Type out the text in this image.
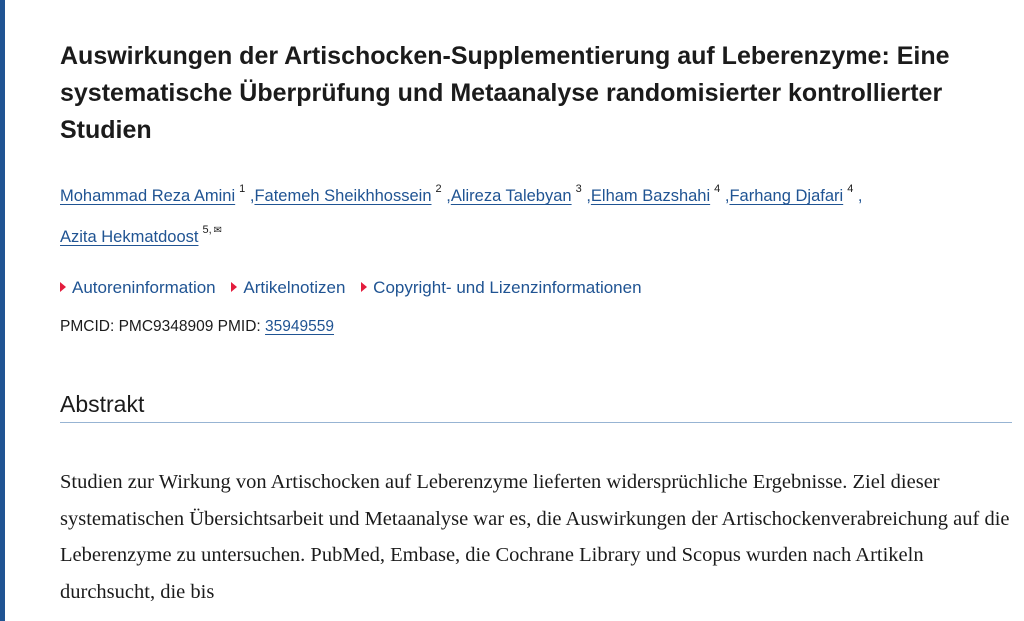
Auswirkungen der Artischocken-Supplementierung auf Leberenzyme: Eine systematische Überprüfung und Metaanalyse randomisierter kontrollierter Studien
Mohammad Reza Amini $^1$ ,Fatemeh Sheikhhossein $^2$ ,Alireza Talebyan $^3$ ,Elham Bazshahi $^4$ ,Farhang Djafari $^4$ ,
Azita Hekmatdoost $^{5,}$ ✉
Autoreninformation Artikelnotizen Copyright- und Lizenzinformationen
PMCID: PMC9348909 PMID: 35949559
Abstrakt

Studien zur Wirkung von Artischocken auf Leberenzyme lieferten widersprüchliche Ergebnisse. Ziel dieser systematischen Übersichtsarbeit und Metaanalyse war es, die Auswirkungen der Artischockenverabreichung auf die Leberenzyme zu untersuchen. PubMed, Embase, die Cochrane Library und Scopus wurden nach Artikeln durchsucht, die bis
